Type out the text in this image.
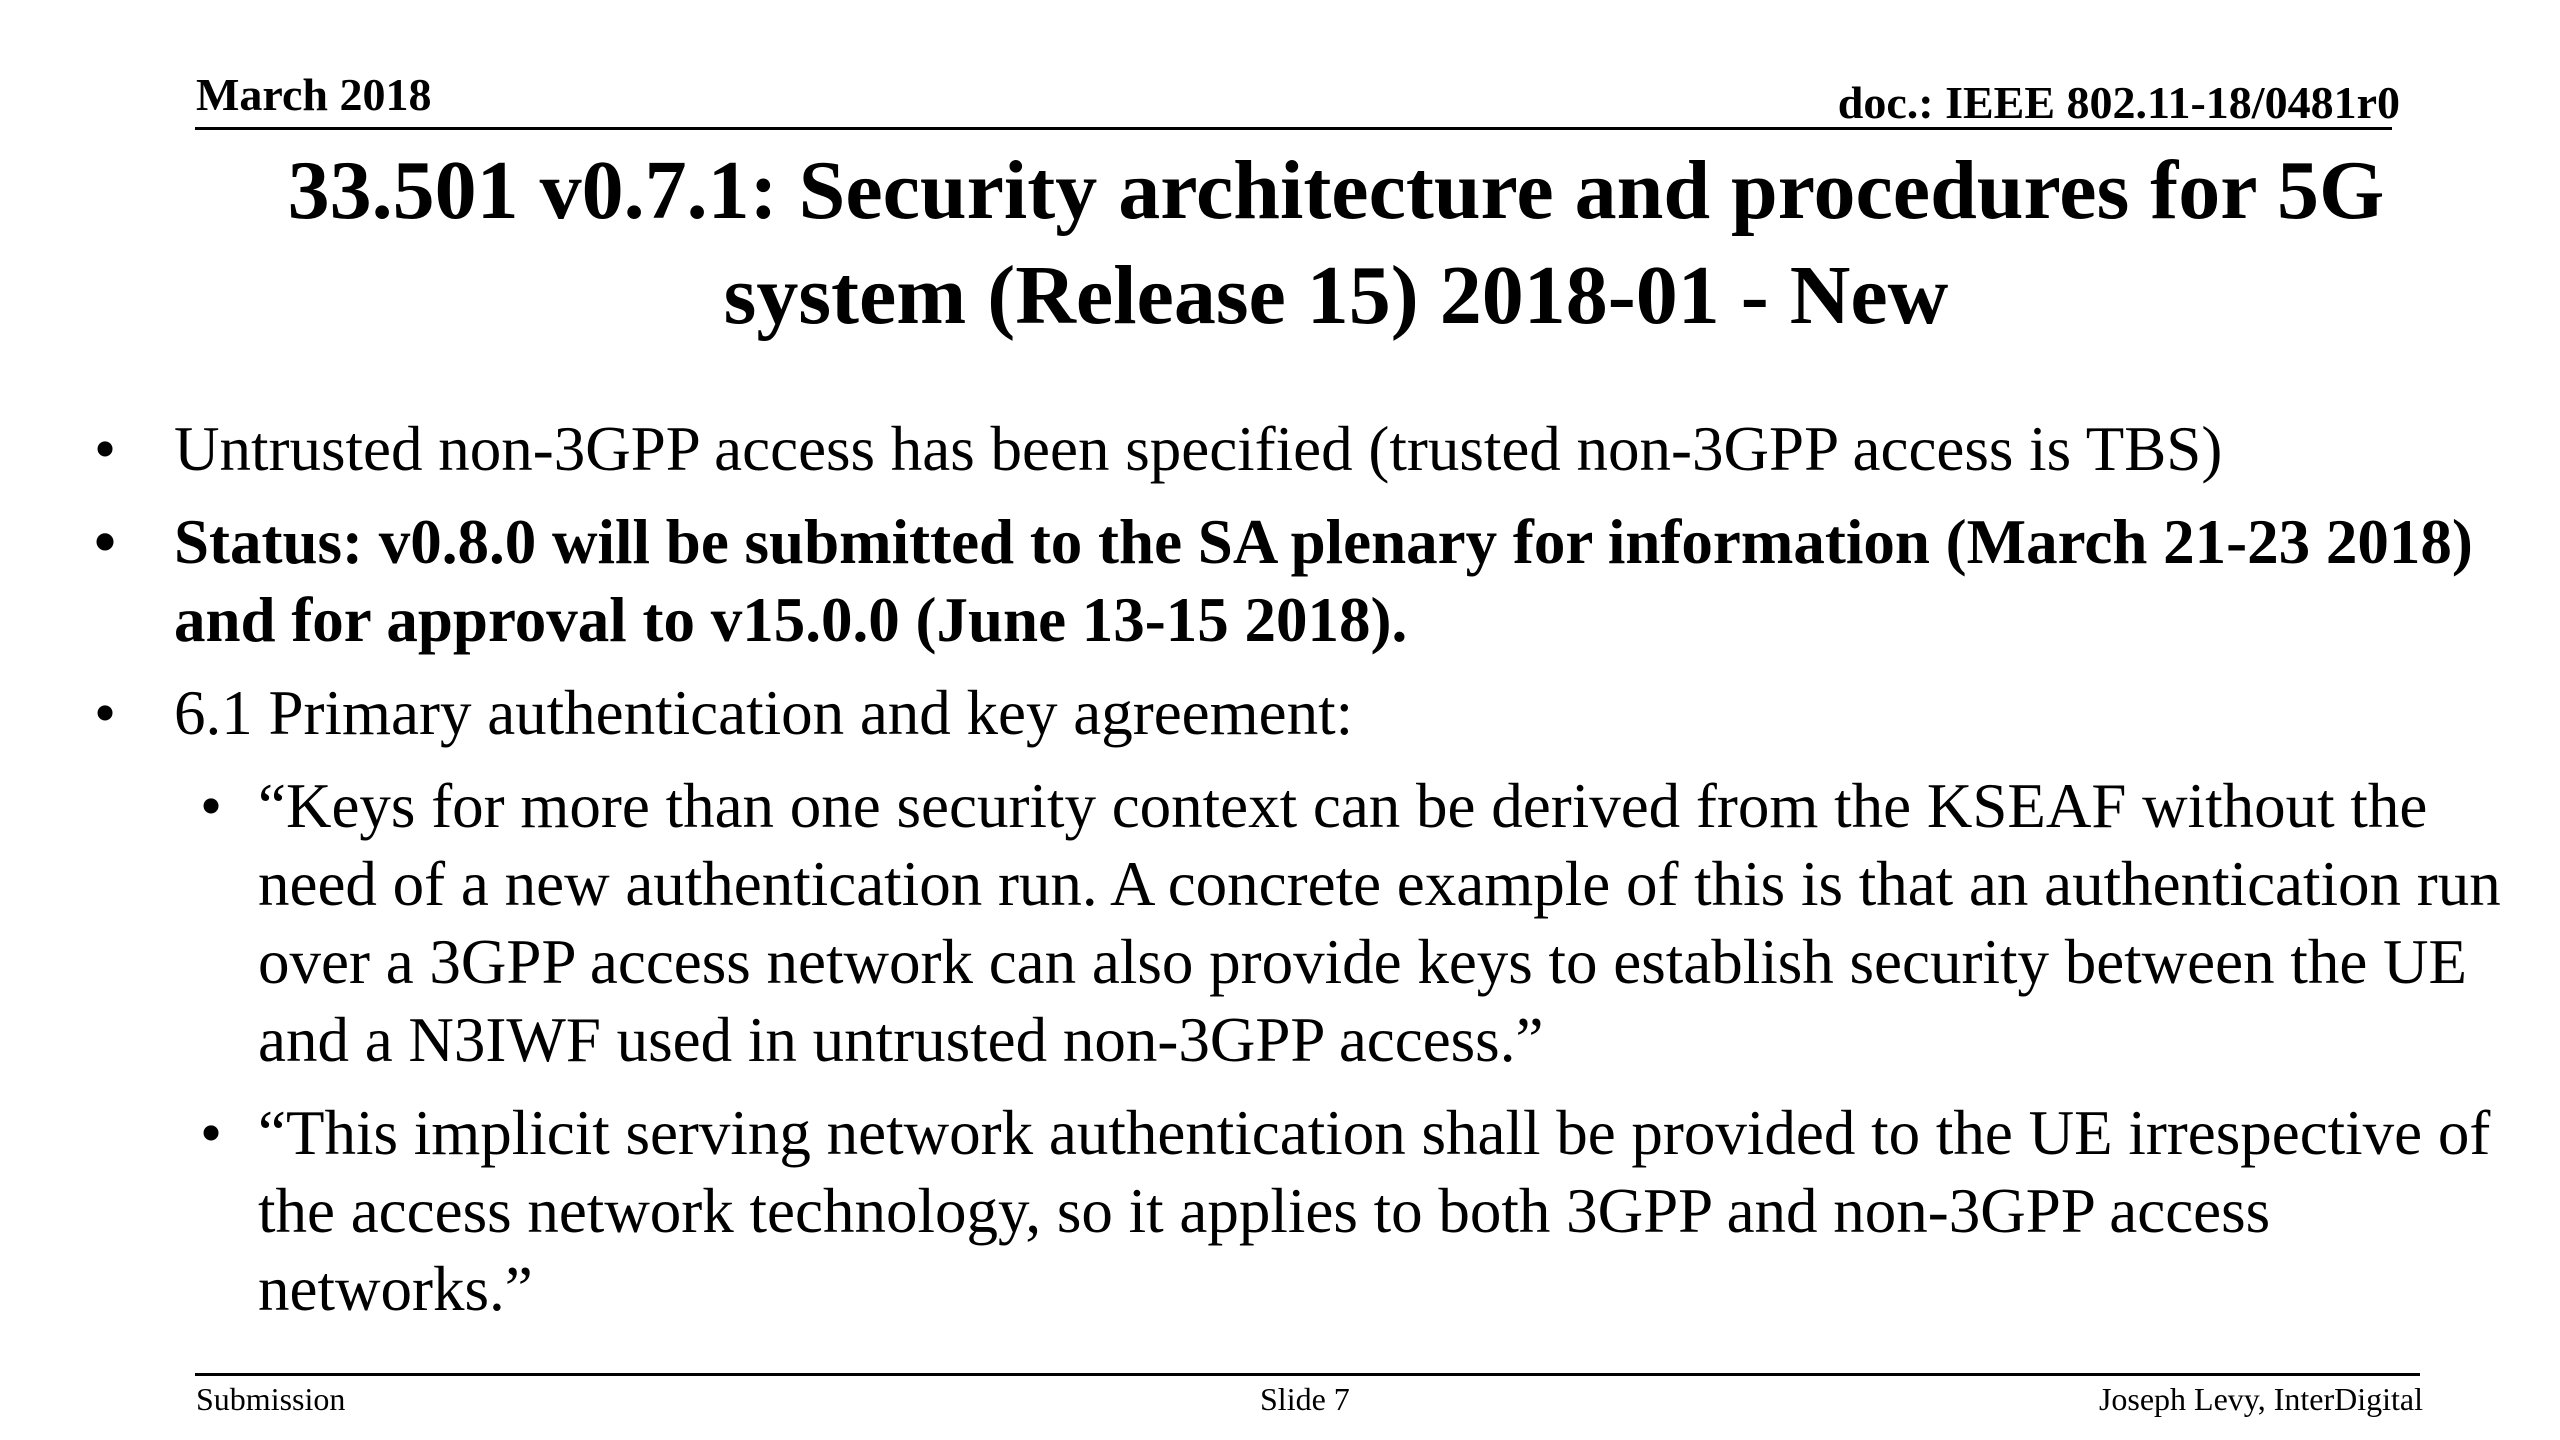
March 2018	doc.: IEEE 802.11-18/0481r0
33.501 v0.7.1: Security architecture and procedures for 5G system (Release 15) 2018-01 - New
• Untrusted non-3GPP access has been specified (trusted non-3GPP access is TBS)
• Status: v0.8.0 will be submitted to the SA plenary for information (March 21-23 2018) and for approval to v15.0.0 (June 13-15 2018).
• 6.1 Primary authentication and key agreement:
• “Keys for more than one security context can be derived from the KSEAF without the need of a new authentication run. A concrete example of this is that an authentication run over a 3GPP access network can also provide keys to establish security between the UE and a N3IWF used in untrusted non-3GPP access.”
• “This implicit serving network authentication shall be provided to the UE irrespective of the access network technology, so it applies to both 3GPP and non-3GPP access networks.”
Submission	Slide 7	Joseph Levy, InterDigital
